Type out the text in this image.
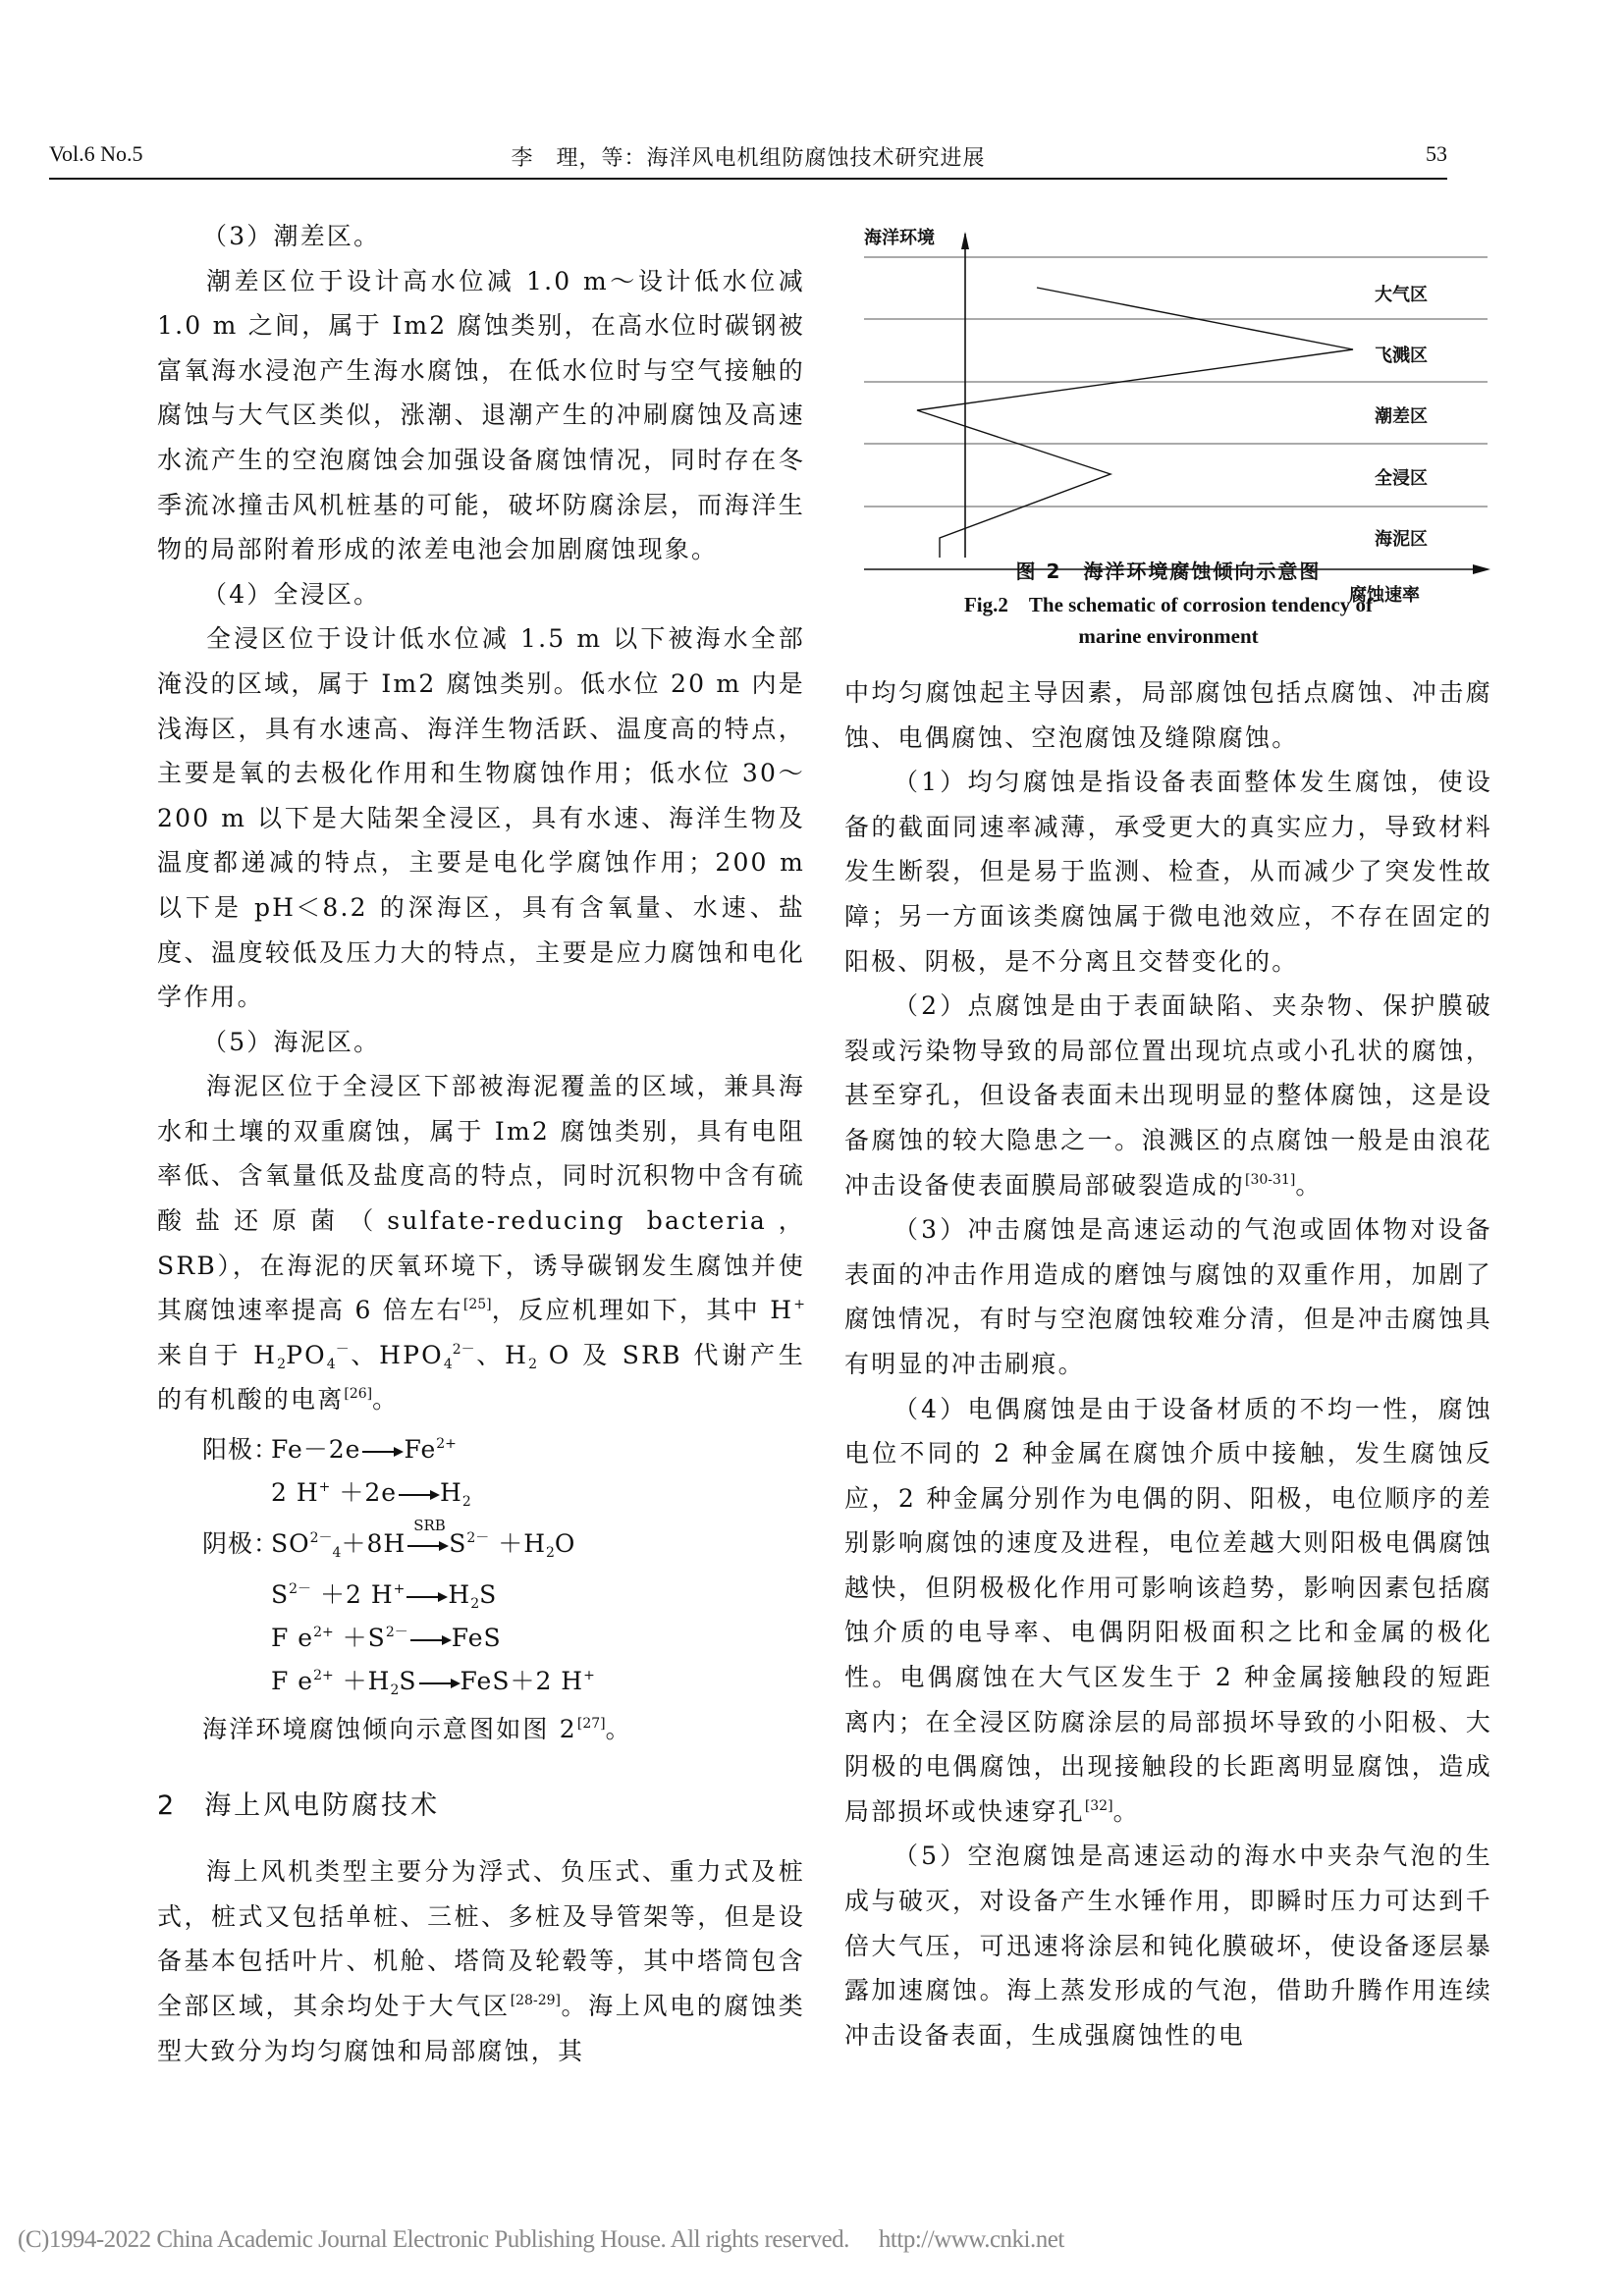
Vol.6 No.5	李　理，等：海洋风电机组防腐蚀技术研究进展	53

（3）潮差区。

潮差区位于设计高水位减 1.0 m～设计低水位减 1.0 m 之间，属于 Im2 腐蚀类别，在高水位时碳钢被富氧海水浸泡产生海水腐蚀，在低水位时与空气接触的腐蚀与大气区类似，涨潮、退潮产生的冲刷腐蚀及高速水流产生的空泡腐蚀会加强设备腐蚀情况，同时存在冬季流冰撞击风机桩基的可能，破坏防腐涂层，而海洋生物的局部附着形成的浓差电池会加剧腐蚀现象。

（4）全浸区。

全浸区位于设计低水位减 1.5 m 以下被海水全部淹没的区域，属于 Im2 腐蚀类别。低水位 20 m 内是浅海区，具有水速高、海洋生物活跃、温度高的特点，主要是氧的去极化作用和生物腐蚀作用；低水位 30～200 m 以下是大陆架全浸区，具有水速、海洋生物及温度都递减的特点，主要是电化学腐蚀作用；200 m 以下是 pH＜8.2 的深海区，具有含氧量、水速、盐度、温度较低及压力大的特点，主要是应力腐蚀和电化学作用。

（5）海泥区。

海泥区位于全浸区下部被海泥覆盖的区域，兼具海水和土壤的双重腐蚀，属于 Im2 腐蚀类别，具有电阻率低、含氧量低及盐度高的特点，同时沉积物中含有硫酸盐还原菌（sulfate-reducing bacteria，SRB），在海泥的厌氧环境下，诱导碳钢发生腐蚀并使其腐蚀速率提高 6 倍左右[25]，反应机理如下，其中 H+ 来自于 $H_2PO_4^-$、$HPO_4^{2-}$、$H_2$ O 及 SRB 代谢产生的有机酸的电离[26]。

阳极：
Fe－2e $Fe^{2+}$
2 H+ ＋2e $H_2$
阴极：
$SO^{2-}_4+8H$
SRB
$S^{2-} +H_2O$
$S^{2-} +2$ H+ $H_2S$
F $e^{2+} +S^{2-}$ FeS
F $e^{2+} +H_2S$ FeS＋2 H+

海洋环境腐蚀倾向示意图如图 2[27]。

2 海上风电防腐技术

海上风机类型主要分为浮式、负压式、重力式及桩式，桩式又包括单桩、三桩、多桩及导管架等，但是设备基本包括叶片、机舱、塔筒及轮毂等，其中塔筒包含全部区域，其余均处于大气区[28-29]。海上风电的腐蚀类型大致分为均匀腐蚀和局部腐蚀，其

海洋环境
大气区
飞溅区
潮差区
全浸区
海泥区
腐蚀速率
图 2　海洋环境腐蚀倾向示意图
Fig.2　The schematic of corrosion tendency of
marine environment

中均匀腐蚀起主导因素，局部腐蚀包括点腐蚀、冲击腐蚀、电偶腐蚀、空泡腐蚀及缝隙腐蚀。

（1）均匀腐蚀是指设备表面整体发生腐蚀，使设备的截面同速率减薄，承受更大的真实应力，导致材料发生断裂，但是易于监测、检查，从而减少了突发性故障；另一方面该类腐蚀属于微电池效应，不存在固定的阳极、阴极，是不分离且交替变化的。

（2）点腐蚀是由于表面缺陷、夹杂物、保护膜破裂或污染物导致的局部位置出现坑点或小孔状的腐蚀，甚至穿孔，但设备表面未出现明显的整体腐蚀，这是设备腐蚀的较大隐患之一。浪溅区的点腐蚀一般是由浪花冲击设备使表面膜局部破裂造成的[30-31]。

（3）冲击腐蚀是高速运动的气泡或固体物对设备表面的冲击作用造成的磨蚀与腐蚀的双重作用，加剧了腐蚀情况，有时与空泡腐蚀较难分清，但是冲击腐蚀具有明显的冲击刷痕。

（4）电偶腐蚀是由于设备材质的不均一性，腐蚀电位不同的 2 种金属在腐蚀介质中接触，发生腐蚀反应，2 种金属分别作为电偶的阴、阳极，电位顺序的差别影响腐蚀的速度及进程，电位差越大则阳极电偶腐蚀越快，但阴极极化作用可影响该趋势，影响因素包括腐蚀介质的电导率、电偶阴阳极面积之比和金属的极化性。电偶腐蚀在大气区发生于 2 种金属接触段的短距离内；在全浸区防腐涂层的局部损坏导致的小阳极、大阴极的电偶腐蚀，出现接触段的长距离明显腐蚀，造成局部损坏或快速穿孔[32]。

（5）空泡腐蚀是高速运动的海水中夹杂气泡的生成与破灭，对设备产生水锤作用，即瞬时压力可达到千倍大气压，可迅速将涂层和钝化膜破坏，使设备逐层暴露加速腐蚀。海上蒸发形成的气泡，借助升腾作用连续冲击设备表面，生成强腐蚀性的电

(C)1994-2022 China Academic Journal Electronic Publishing House. All rights reserved. http://www.cnki.net
